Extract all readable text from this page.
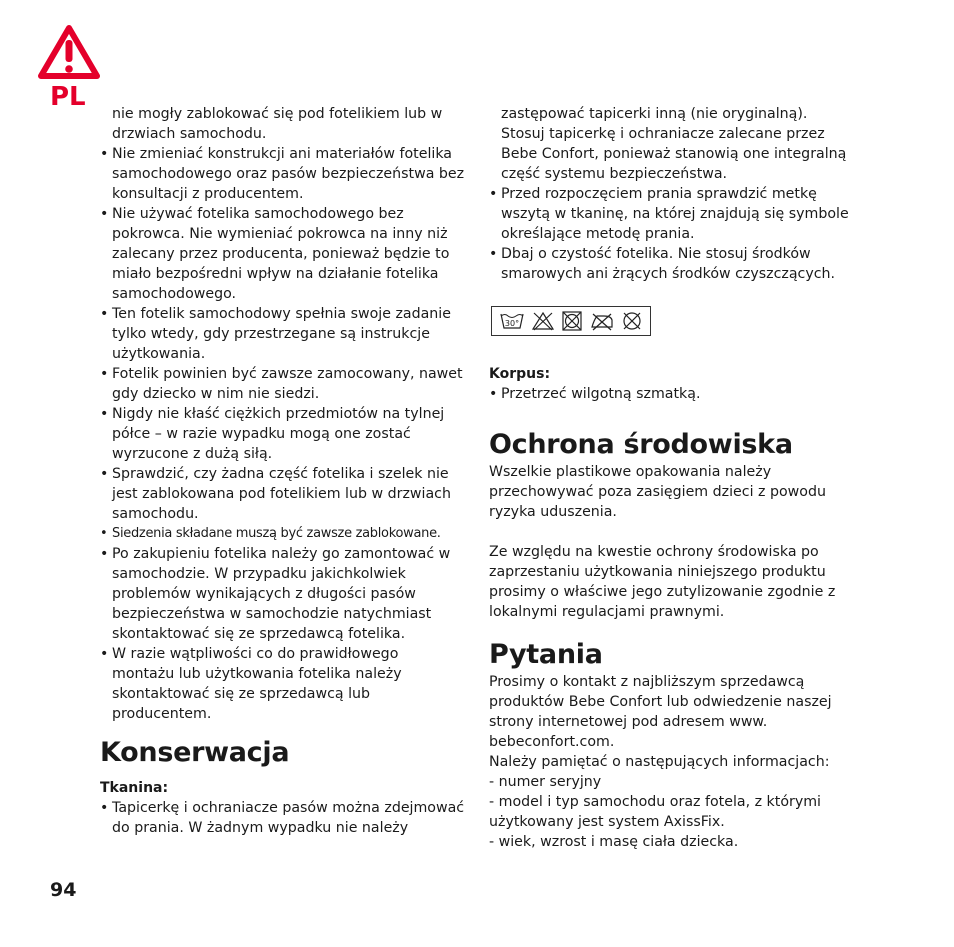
PL

nie mogły zablokować się pod fotelikiem lub w drzwiach samochodu.

• Nie zmieniać konstrukcji ani materiałów fotelika samochodowego oraz pasów bezpieczeństwa bez konsultacji z producentem.

• Nie używać fotelika samochodowego bez pokrowca. Nie wymieniać pokrowca na inny niż zalecany przez producenta, ponieważ będzie to miało bezpośredni wpływ na działanie fotelika samochodowego.

• Ten fotelik samochodowy spełnia swoje zadanie tylko wtedy, gdy przestrzegane są instrukcje użytkowania.

• Fotelik powinien być zawsze zamocowany, nawet gdy dziecko w nim nie siedzi.

• Nigdy nie kłaść ciężkich przedmiotów na tylnej półce – w razie wypadku mogą one zostać wyrzucone z dużą siłą.

• Sprawdzić, czy żadna część fotelika i szelek nie jest zablokowana pod fotelikiem lub w drzwiach samochodu.

• Siedzenia składane muszą być zawsze zablokowane.

• Po zakupieniu fotelika należy go zamontować w samochodzie. W przypadku jakichkolwiek problemów wynikających z długości pasów bezpieczeństwa w samochodzie natychmiast skontaktować się ze sprzedawcą fotelika.

• W razie wątpliwości co do prawidłowego montażu lub użytkowania fotelika należy skontaktować się ze sprzedawcą lub producentem.

Konserwacja

Tkanina:

• Tapicerkę i ochraniacze pasów można zdejmować do prania. W żadnym wypadku nie należy

zastępować tapicerki inną (nie oryginalną). Stosuj tapicerkę i ochraniacze zalecane przez Bebe Confort, ponieważ stanowią one integralną część systemu bezpieczeństwa.

• Przed rozpoczęciem prania sprawdzić metkę wszytą w tkaninę, na której znajdują się symbole określające metodę prania.

• Dbaj o czystość fotelika. Nie stosuj środków smarowych ani żrących środków czyszczących.

30°

Korpus:

• Przetrzeć wilgotną szmatką.

Ochrona środowiska

Wszelkie plastikowe opakowania należy przechowywać poza zasięgiem dzieci z powodu ryzyka uduszenia.

Ze względu na kwestie ochrony środowiska po zaprzestaniu użytkowania niniejszego produktu prosimy o właściwe jego zutylizowanie zgodnie z lokalnymi regulacjami prawnymi.

Pytania

Prosimy o kontakt z najbliższym sprzedawcą produktów Bebe Confort lub odwiedzenie naszej strony internetowej pod adresem www. bebeconfort.com.

Należy pamiętać o następujących informacjach:

- numer seryjny

- model i typ samochodu oraz fotela, z którymi użytkowany jest system AxissFix.

- wiek, wzrost i masę ciała dziecka.

94
